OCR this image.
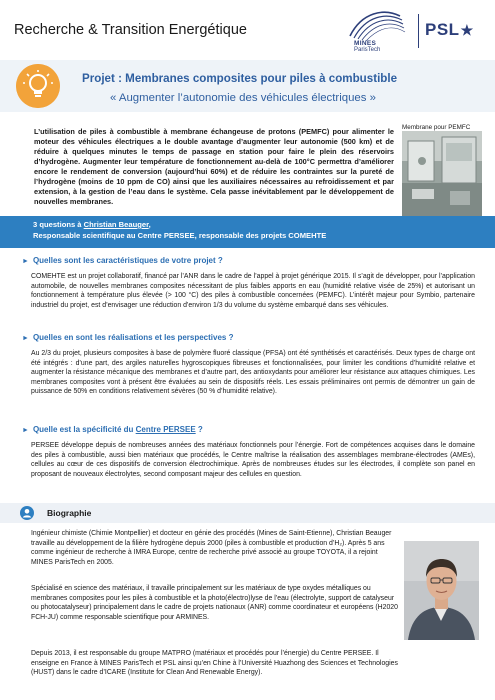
Recherche & Transition Energétique
MINES
ParisTech
PSL★
Projet : Membranes composites pour piles à combustible
« Augmenter l’autonomie des véhicules électriques »
L’utilisation de piles à combustible à membrane échangeuse de protons (PEMFC) pour alimenter le moteur des véhicules électriques a le double avantage d’augmenter leur autonomie (500 km) et de réduire à quelques minutes le temps de passage en station pour faire le plein des réservoirs d’hydrogène. Augmenter leur température de fonctionnement au-delà de 100°C permettra d’améliorer encore le rendement de conversion (aujourd’hui 60%) et de réduire les contraintes sur la pureté de l’hydrogène (moins de 10 ppm de CO) ainsi que les auxiliaires nécessaires au refroidissement et par extension, à la gestion de l’eau dans le système. Cela passe inévitablement par le développement de nouvelles membranes.
Membrane pour PEMFC
3 questions à Christian Beauger,
Responsable scientifique au Centre PERSEE, responsable des projets COMEHTE
► Quelles sont les caractéristiques de votre projet ?
COMEHTE est un projet collaboratif, financé par l’ANR dans le cadre de l’appel à projet générique 2015. Il s’agit de développer, pour l’application automobile, de nouvelles membranes composites nécessitant de plus faibles apports en eau (humidité relative visée de 25%) et autorisant un fonctionnement à température plus élevée (> 100 °C) des piles à combustible concernées (PEMFC). L’intérêt majeur pour Symbio, partenaire industriel du projet, est d’envisager une réduction d’environ 1/3 du volume du système embarqué dans ses véhicules.
► Quelles en sont les réalisations et les perspectives ?
Au 2/3 du projet, plusieurs composites à base de polymère fluoré classique (PFSA) ont été synthétisés et caractérisés. Deux types de charge ont été intégrés : d’une part, des argiles naturelles hygroscopiques fibreuses et fonctionnalisées, pour limiter les conditions d’humidité relative et augmenter la résistance mécanique des membranes et d’autre part, des antioxydants pour améliorer leur résistance aux attaques chimiques. Les membranes composites vont à présent être évaluées au sein de dispositifs réels. Les essais préliminaires ont permis de démontrer un gain de puissance de 50% en conditions relativement sévères (50 % d’humidité relative).
► Quelle est la spécificité du Centre PERSEE ?
PERSEE développe depuis de nombreuses années des matériaux fonctionnels pour l’énergie. Fort de compétences acquises dans le domaine des piles à combustible, aussi bien matériaux que procédés, le Centre maîtrise la réalisation des assemblages membrane-électrodes (AMEs), cellules au cœur de ces dispositifs de conversion électrochimique. Après de nombreuses études sur les électrodes, il complète son panel en proposant de nouveaux électrolytes, second composant majeur des cellules en question.
Biographie
Ingénieur chimiste (Chimie Montpellier) et docteur en génie des procédés (Mines de Saint-Etienne), Christian Beauger travaille au développement de la filière hydrogène depuis 2000 (piles à combustible et production d’H₂). Après 5 ans comme ingénieur de recherche à IMRA Europe, centre de recherche privé associé au groupe TOYOTA, il a rejoint MINES ParisTech en 2005.
Spécialisé en science des matériaux, il travaille principalement sur les matériaux de type oxydes métalliques ou membranes composites pour les piles à combustible et la photo(électro)lyse de l’eau (électrolyte, support de catalyseur ou photocatalyseur) principalement dans le cadre de projets nationaux (ANR) comme coordinateur et européens (H2020 FCH-JU) comme responsable scientifique pour ARMINES.
Depuis 2013, il est responsable du groupe MATPRO (matériaux et procédés pour l’énergie) du Centre PERSEE. Il enseigne en France à MINES ParisTech et PSL ainsi qu’en Chine à l’Université Huazhong des Sciences et Technologies (HUST) dans le cadre d’ICARE (Institute for Clean And Renewable Energy).
